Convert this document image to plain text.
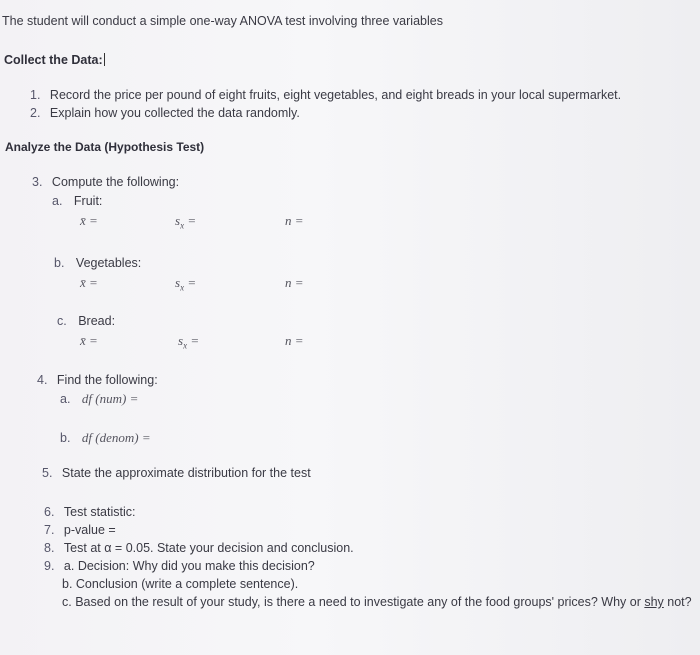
The student will conduct a simple one-way ANOVA test involving three variables
Collect the Data:
1. Record the price per pound of eight fruits, eight vegetables, and eight breads in your local supermarket.
2. Explain how you collected the data randomly.
Analyze the Data (Hypothesis Test)
3. Compute the following:
a. Fruit:
x̄ =	$s_x$ =	n =
b. Vegetables:
x̄ =	$s_x$ =	n =
c. Bread:
x̄ =	$s_x$ =	n =
4. Find the following:
a. df (num) =
b. df (denom) =
5. State the approximate distribution for the test
6. Test statistic:
7. p-value =
8. Test at α = 0.05. State your decision and conclusion.
9. a. Decision: Why did you make this decision?
b. Conclusion (write a complete sentence).
c. Based on the result of your study, is there a need to investigate any of the food groups' prices? Why or shy not?
